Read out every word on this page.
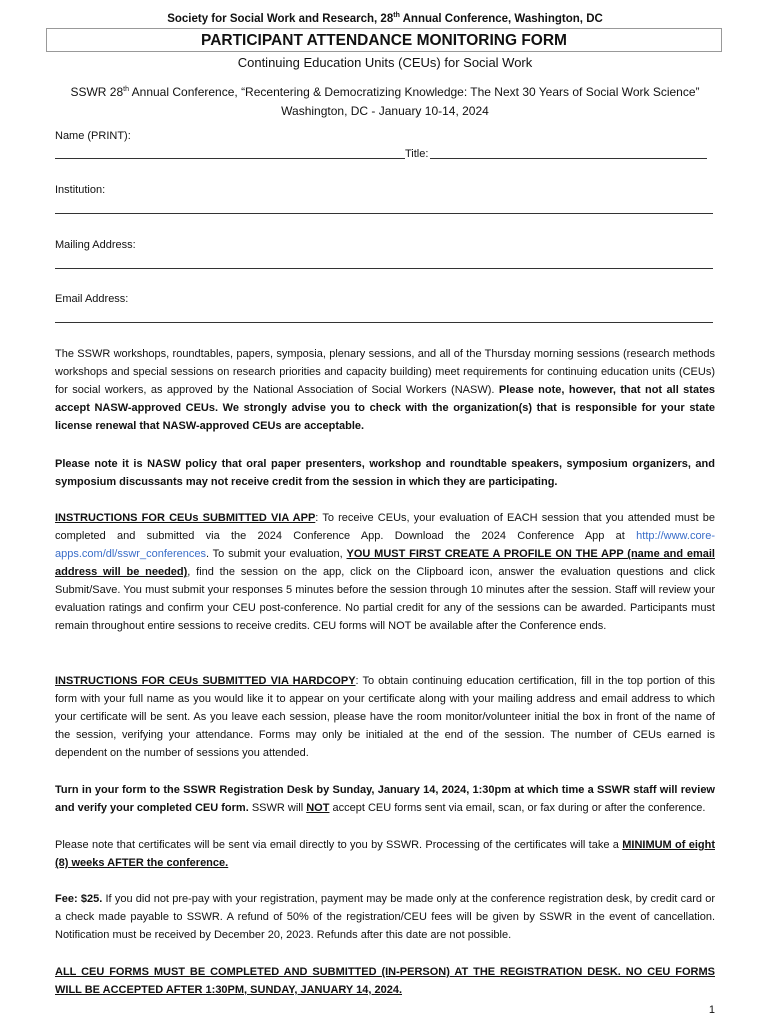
Society for Social Work and Research, 28th Annual Conference, Washington, DC
PARTICIPANT ATTENDANCE MONITORING FORM
Continuing Education Units (CEUs) for Social Work
SSWR 28th Annual Conference, “Recentering & Democratizing Knowledge: The Next 30 Years of Social Work Science”
Washington, DC - January 10-14, 2024
Name (PRINT):
Title:
Institution:
Mailing Address:
Email Address:
The SSWR workshops, roundtables, papers, symposia, plenary sessions, and all of the Thursday morning sessions (research methods workshops and special sessions on research priorities and capacity building) meet requirements for continuing education units (CEUs) for social workers, as approved by the National Association of Social Workers (NASW). Please note, however, that not all states accept NASW-approved CEUs. We strongly advise you to check with the organization(s) that is responsible for your state license renewal that NASW-approved CEUs are acceptable.
Please note it is NASW policy that oral paper presenters, workshop and roundtable speakers, symposium organizers, and symposium discussants may not receive credit from the session in which they are participating.
INSTRUCTIONS FOR CEUs SUBMITTED VIA APP: To receive CEUs, your evaluation of EACH session that you attended must be completed and submitted via the 2024 Conference App. Download the 2024 Conference App at http://www.core-apps.com/dl/sswr_conferences. To submit your evaluation, YOU MUST FIRST CREATE A PROFILE ON THE APP (name and email address will be needed), find the session on the app, click on the Clipboard icon, answer the evaluation questions and click Submit/Save. You must submit your responses 5 minutes before the session through 10 minutes after the session. Staff will review your evaluation ratings and confirm your CEU post-conference. No partial credit for any of the sessions can be awarded. Participants must remain throughout entire sessions to receive credits. CEU forms will NOT be available after the Conference ends.
INSTRUCTIONS FOR CEUs SUBMITTED VIA HARDCOPY: To obtain continuing education certification, fill in the top portion of this form with your full name as you would like it to appear on your certificate along with your mailing address and email address to which your certificate will be sent. As you leave each session, please have the room monitor/volunteer initial the box in front of the name of the session, verifying your attendance. Forms may only be initialed at the end of the session. The number of CEUs earned is dependent on the number of sessions you attended.
Turn in your form to the SSWR Registration Desk by Sunday, January 14, 2024, 1:30pm at which time a SSWR staff will review and verify your completed CEU form. SSWR will NOT accept CEU forms sent via email, scan, or fax during or after the conference.
Please note that certificates will be sent via email directly to you by SSWR. Processing of the certificates will take a MINIMUM of eight (8) weeks AFTER the conference.
Fee: $25. If you did not pre-pay with your registration, payment may be made only at the conference registration desk, by credit card or a check made payable to SSWR. A refund of 50% of the registration/CEU fees will be given by SSWR in the event of cancellation. Notification must be received by December 20, 2023. Refunds after this date are not possible.
ALL CEU FORMS MUST BE COMPLETED AND SUBMITTED (IN-PERSON) AT THE REGISTRATION DESK. NO CEU FORMS WILL BE ACCEPTED AFTER 1:30PM, SUNDAY, JANUARY 14, 2024.
1
